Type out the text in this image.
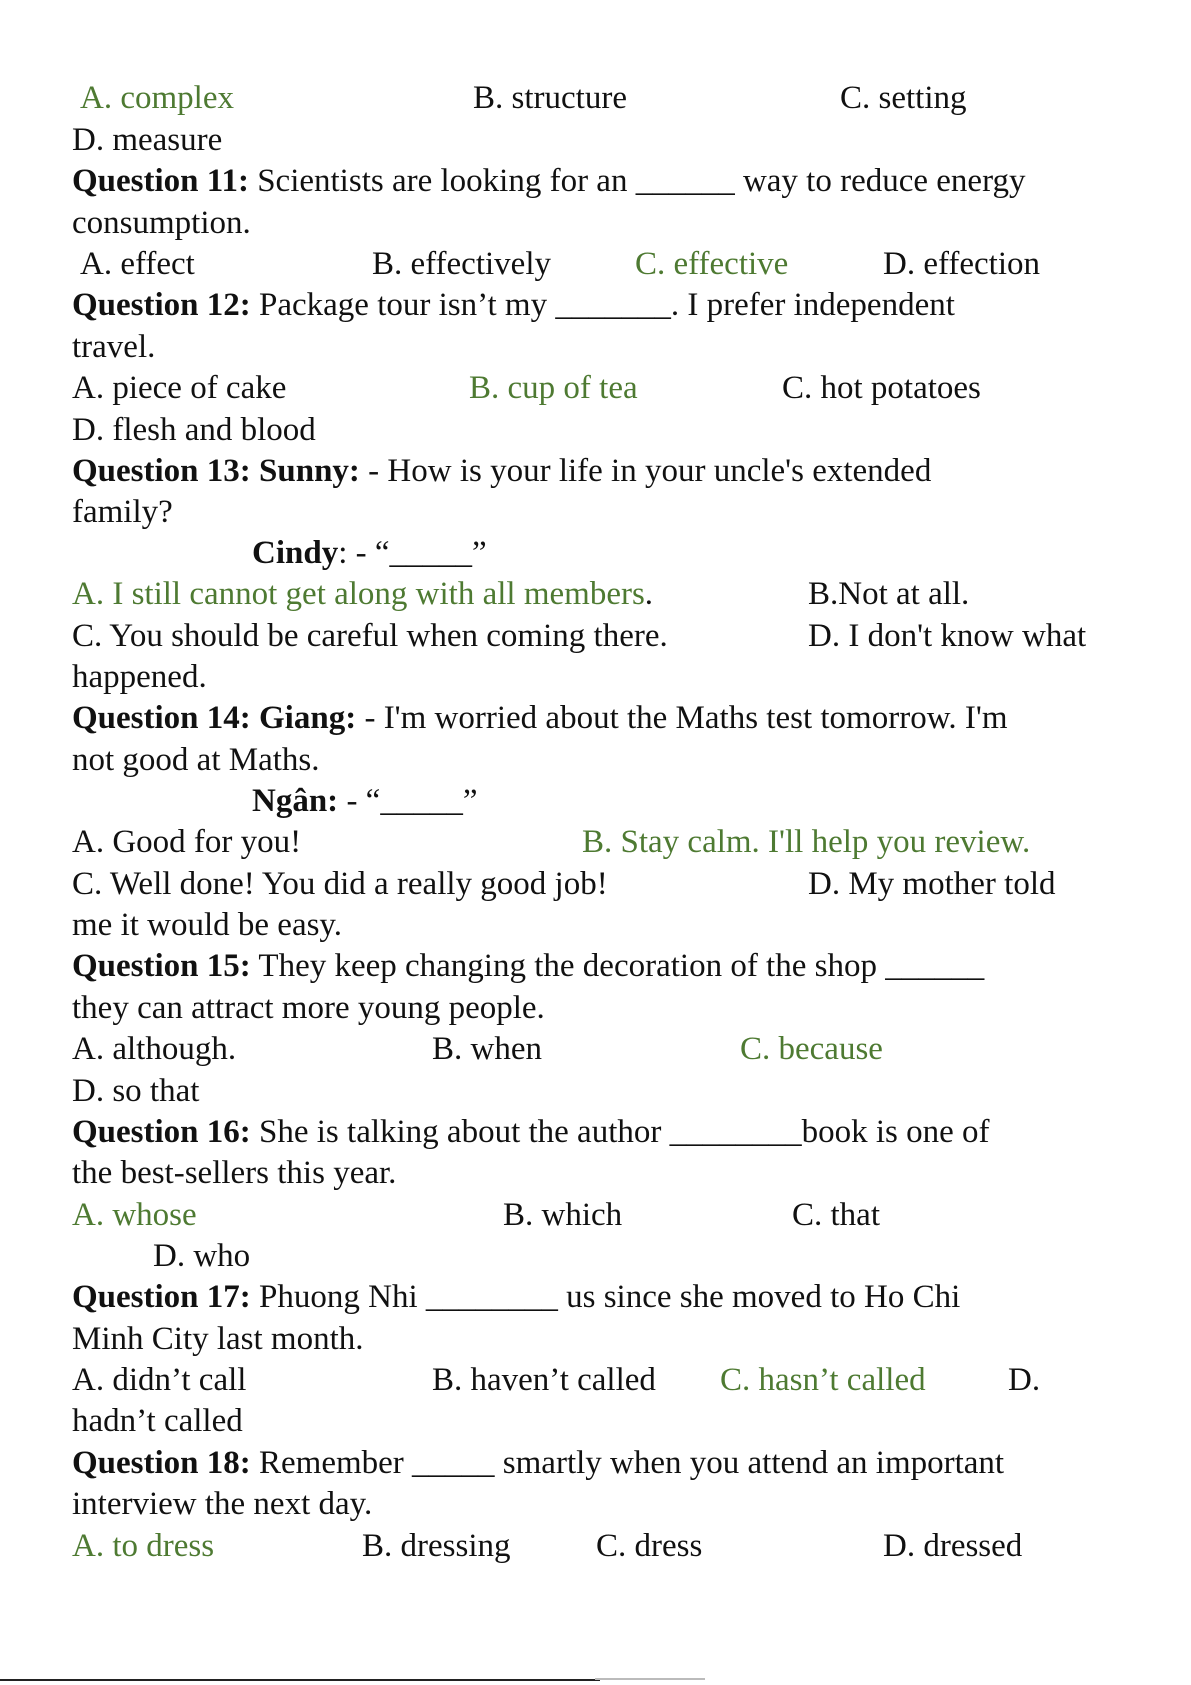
A. complex	B. structure	C. setting
D. measure
Question 11: Scientists are looking for an ______ way to reduce energy
consumption.
A. effect	B. effectively	C. effective	D. effection
Question 12: Package tour isn’t my _______. I prefer independent
travel.
A. piece of cake	B. cup of tea	C. hot potatoes
D. flesh and blood
Question 13: Sunny: - How is your life in your uncle's extended
family?
Cindy: - “_____”
A. I still cannot get along with all members.	B.Not at all.
C. You should be careful when coming there.	D. I don't know what
happened.
Question 14: Giang: - I'm worried about the Maths test tomorrow. I'm
not good at Maths.
Ngân: - “_____”
A. Good for you!	B. Stay calm. I'll help you review.
C. Well done! You did a really good job!	D. My mother told
me it would be easy.
Question 15: They keep changing the decoration of the shop ______
they can attract more young people.
A. although.	B. when	C. because
D. so that
Question 16: She is talking about the author ________book is one of
the best-sellers this year.
A. whose	B. which	C. that
D. who
Question 17: Phuong Nhi ________ us since she moved to Ho Chi
Minh City last month.
A. didn’t call	B. haven’t called C. hasn’t called D.
hadn’t called
Question 18: Remember _____ smartly when you attend an important
interview the next day.
A. to dress	B. dressing	C. dress	D. dressed
